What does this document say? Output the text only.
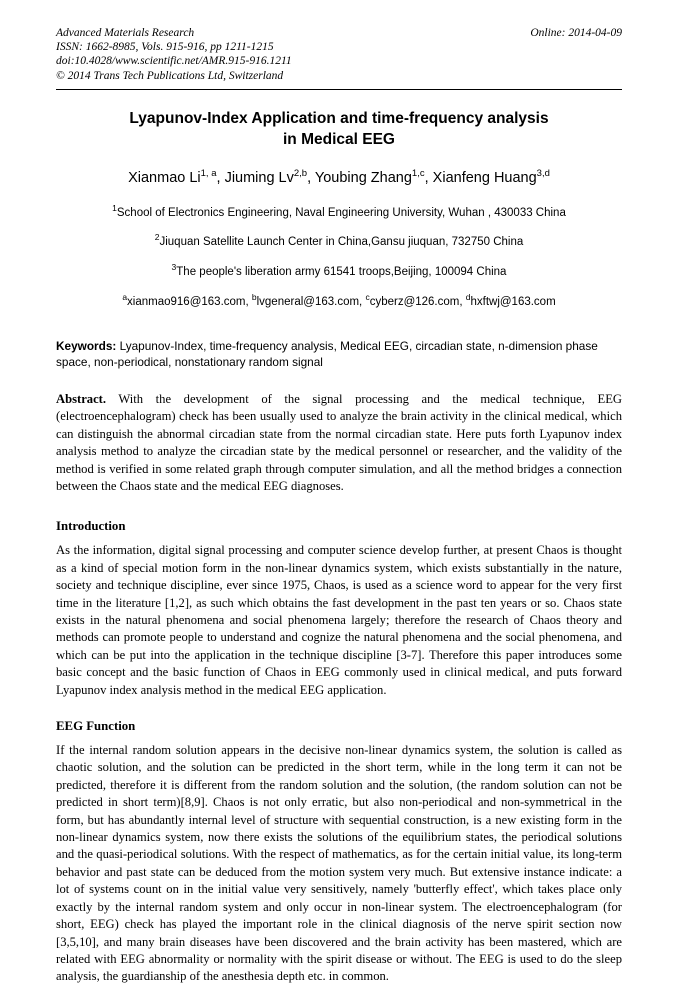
Advanced Materials Research
ISSN: 1662-8985, Vols. 915-916, pp 1211-1215
doi:10.4028/www.scientific.net/AMR.915-916.1211
© 2014 Trans Tech Publications Ltd, Switzerland
Online: 2014-04-09
Lyapunov-Index Application and time-frequency analysis
in Medical EEG
Xianmao Li$^{1, a}$, Jiuming Lv$^{2,b}$, Youbing Zhang$^{1,c}$, Xianfeng Huang$^{3,d}$
$^1$School of Electronics Engineering, Naval Engineering University, Wuhan , 430033 China
$^2$Jiuquan Satellite Launch Center in China,Gansu jiuquan, 732750 China
$^3$The people's liberation army 61541 troops,Beijing, 100094 China
$^a$xianmao916@163.com, $^b$lvgeneral@163.com, $^c$cyberz@126.com, $^d$hxftwj@163.com
Keywords: Lyapunov-Index, time-frequency analysis, Medical EEG, circadian state, n-dimension phase space, non-periodical, nonstationary random signal
Abstract. With the development of the signal processing and the medical technique, EEG (electroencephalogram) check has been usually used to analyze the brain activity in the clinical medical, which can distinguish the abnormal circadian state from the normal circadian state. Here puts forth Lyapunov index analysis method to analyze the circadian state by the medical personnel or researcher, and the validity of the method is verified in some related graph through computer simulation, and all the method bridges a connection between the Chaos state and the medical EEG diagnoses.
Introduction

As the information, digital signal processing and computer science develop further, at present Chaos is thought as a kind of special motion form in the non-linear dynamics system, which exists substantially in the nature, society and technique discipline, ever since 1975, Chaos, is used as a science word to appear for the very first time in the literature [1,2], as such which obtains the fast development in the past ten years or so. Chaos state exists in the natural phenomena and social phenomena largely; therefore the research of Chaos theory and methods can promote people to understand and cognize the natural phenomena and the social phenomena, and which can be put into the application in the technique discipline [3-7]. Therefore this paper introduces some basic concept and the basic function of Chaos in EEG commonly used in clinical medical, and puts forward Lyapunov index analysis method in the medical EEG application.

EEG Function

If the internal random solution appears in the decisive non-linear dynamics system, the solution is called as chaotic solution, and the solution can be predicted in the short term, while in the long term it can not be predicted, therefore it is different from the random solution and the solution, (the random solution can not be predicted in short term)[8,9]. Chaos is not only erratic, but also non-periodical and non-symmetrical in the form, but has abundantly internal level of structure with sequential construction, is a new existing form in the non-linear dynamics system, now there exists the solutions of the equilibrium states, the periodical solutions and the quasi-periodical solutions. With the respect of mathematics, as for the certain initial value, its long-term behavior and past state can be deduced from the motion system very much. But extensive instance indicate: a lot of systems count on in the initial value very sensitively, namely 'butterfly effect', which takes place only exactly by the internal random system and only occur in non-linear system. The electroencephalogram (for short, EEG) check has played the important role in the clinical diagnosis of the nerve spirit section now [3,5,10], and many brain diseases have been discovered and the brain activity has been mastered, which are related with EEG abnormality or normality with the spirit disease or without. The EEG is used to do the sleep analysis, the guardianship of the anesthesia depth etc. in common.
